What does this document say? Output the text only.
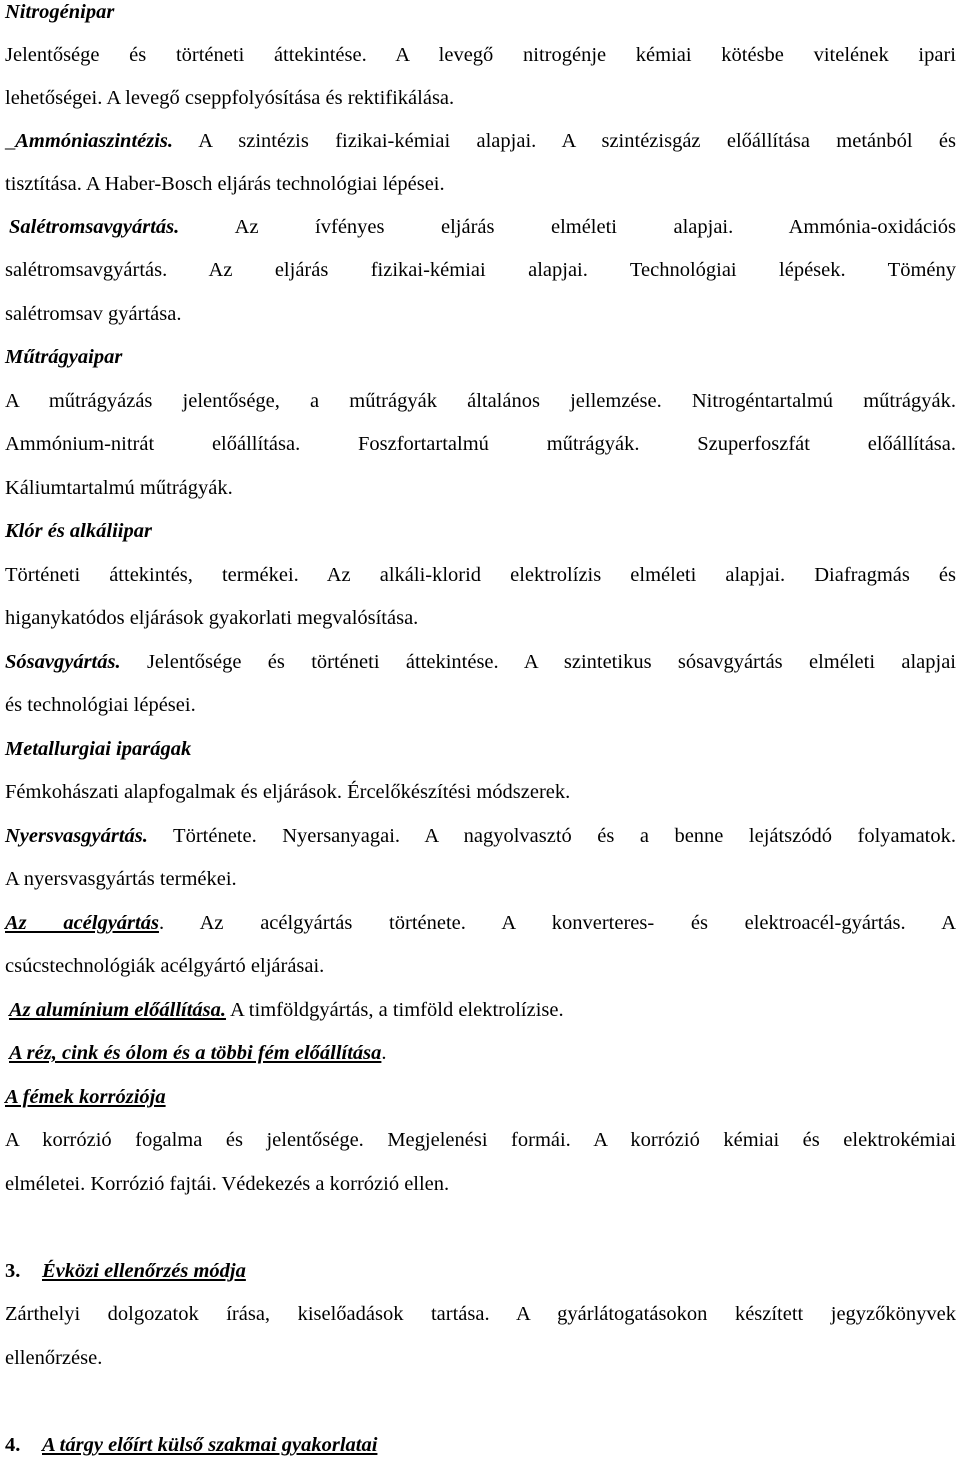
Nitrogénipar
Jelentősége és történeti áttekintése. A levegő nitrogénje kémiai kötésbe vitelének ipari
lehetőségei. A levegő cseppfolyósítása és rektifikálása.
_Ammóniaszintézis. A szintézis fizikai-kémiai alapjai. A szintézisgáz előállítása metánból és
tisztítása. A Haber-Bosch eljárás technológiai lépései.
Salétromsavgyártás. Az ívfényes eljárás elméleti alapjai. Ammónia-oxidációs
salétromsavgyártás. Az eljárás fizikai-kémiai alapjai. Technológiai lépések. Tömény
salétromsav gyártása.
Műtrágyaipar
A műtrágyázás jelentősége, a műtrágyák általános jellemzése. Nitrogéntartalmú műtrágyák.
Ammónium-nitrát előállítása. Foszfortartalmú műtrágyák. Szuperfoszfát előállítása.
Káliumtartalmú műtrágyák.
Klór és alkáliipar
Történeti áttekintés, termékei. Az alkáli-klorid elektrolízis elméleti alapjai. Diafragmás és
higanykatódos eljárások gyakorlati megvalósítása.
Sósavgyártás. Jelentősége és történeti áttekintése. A szintetikus sósavgyártás elméleti alapjai
és technológiai lépései.
Metallurgiai iparágak
Fémkohászati alapfogalmak és eljárások. Ércelőkészítési módszerek.
Nyersvasgyártás. Története. Nyersanyagai. A nagyolvasztó és a benne lejátszódó folyamatok.
A nyersvasgyártás termékei.
Az acélgyártás. Az acélgyártás története. A konverteres- és elektroacél-gyártás. A
csúcstechnológiák acélgyártó eljárásai.
Az alumínium előállítása. A timföldgyártás, a timföld elektrolízise.
A réz, cink és ólom és a többi fém előállítása.
A fémek korróziója
A korrózió fogalma és jelentősége. Megjelenési formái. A korrózió kémiai és elektrokémiai
elméletei. Korrózió fajtái. Védekezés a korrózió ellen.
3. Évközi ellenőrzés módja
Zárthelyi dolgozatok írása, kiselőadások tartása. A gyárlátogatásokon készített jegyzőkönyvek
ellenőrzése.
4. A tárgy előírt külső szakmai gyakorlatai
